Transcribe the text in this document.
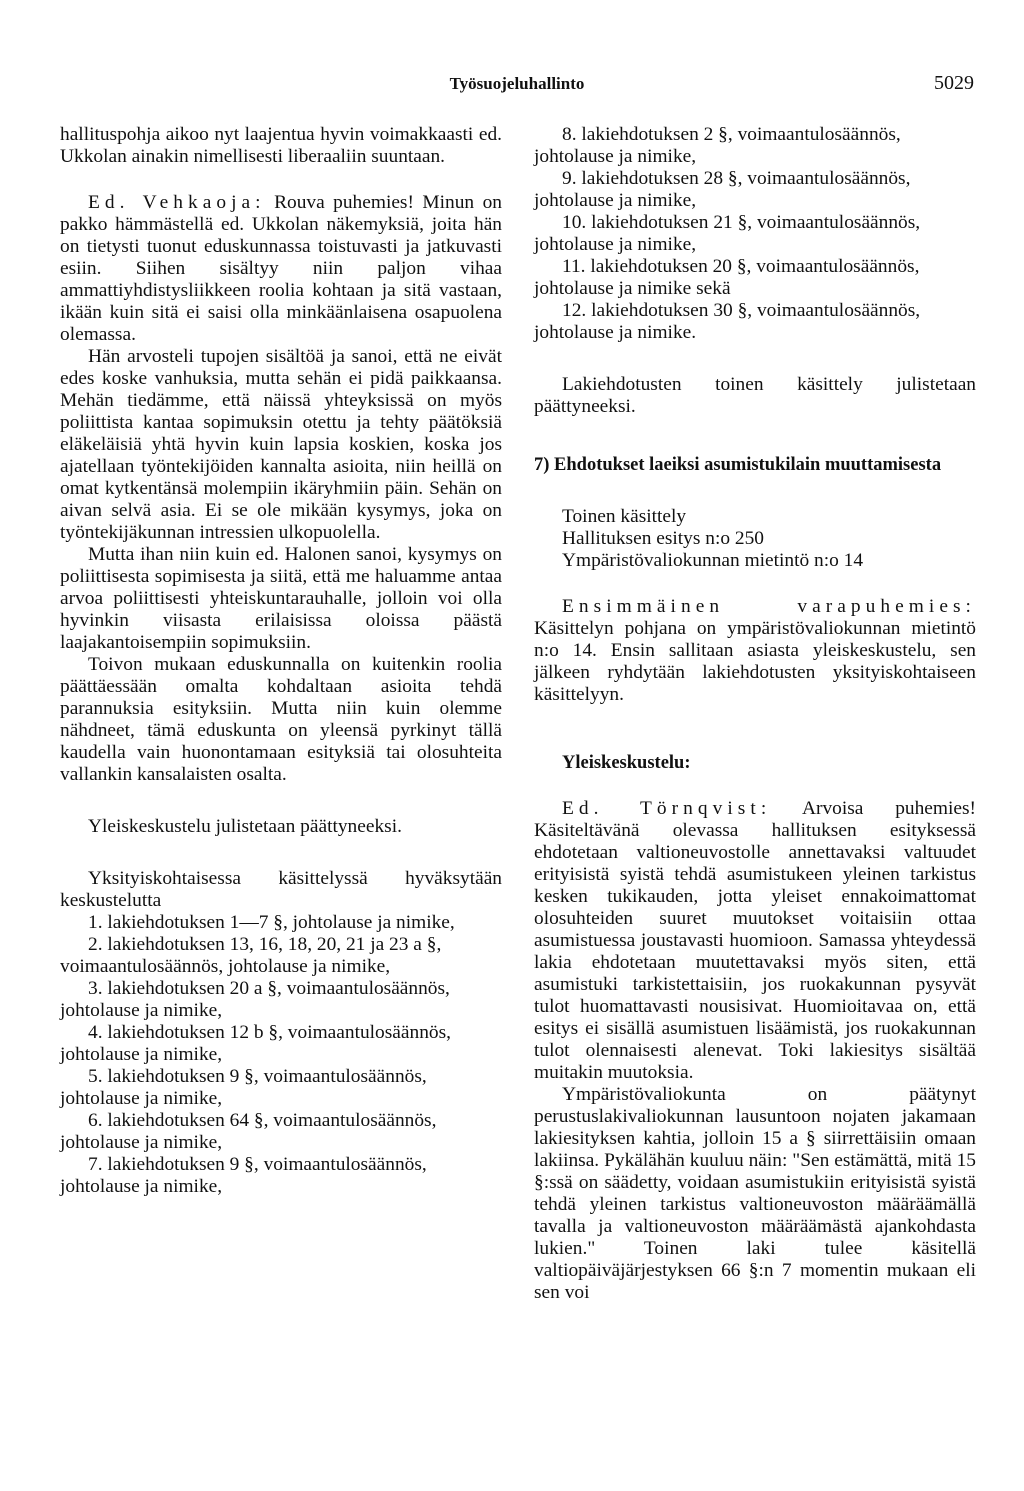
Työsuojeluhallinto	5029

hallituspohja aikoo nyt laajentua hyvin voimakkaasti ed. Ukkolan ainakin nimellisesti liberaaliin suuntaan.

Ed. Vehkaoja: Rouva puhemies! Minun on pakko hämmästellä ed. Ukkolan näkemyksiä, joita hän on tietysti tuonut eduskunnassa toistuvasti ja jatkuvasti esiin. Siihen sisältyy niin paljon vihaa ammattiyhdistysliikkeen roolia kohtaan ja sitä vastaan, ikään kuin sitä ei saisi olla minkäänlaisena osapuolena olemassa.

Hän arvosteli tupojen sisältöä ja sanoi, että ne eivät edes koske vanhuksia, mutta sehän ei pidä paikkaansa. Mehän tiedämme, että näissä yhteyksissä on myös poliittista kantaa sopimuksin otettu ja tehty päätöksiä eläkeläisiä yhtä hyvin kuin lapsia koskien, koska jos ajatellaan työntekijöiden kannalta asioita, niin heillä on omat kytkentänsä molempiin ikäryhmiin päin. Sehän on aivan selvä asia. Ei se ole mikään kysymys, joka on työntekijäkunnan intressien ulkopuolella.

Mutta ihan niin kuin ed. Halonen sanoi, kysymys on poliittisesta sopimisesta ja siitä, että me haluamme antaa arvoa poliittisesti yhteiskuntarauhalle, jolloin voi olla hyvinkin viisasta erilaisissa oloissa päästä laajakantoisempiin sopimuksiin.

Toivon mukaan eduskunnalla on kuitenkin roolia päättäessään omalta kohdaltaan asioita tehdä parannuksia esityksiin. Mutta niin kuin olemme nähdneet, tämä eduskunta on yleensä pyrkinyt tällä kaudella vain huonontamaan esityksiä tai olosuhteita vallankin kansalaisten osalta.

Yleiskeskustelu julistetaan päättyneeksi.

Yksityiskohtaisessa käsittelyssä hyväksytään keskustelutta

1. lakiehdotuksen 1—7 §, johtolause ja nimike,

2. lakiehdotuksen 13, 16, 18, 20, 21 ja 23 a §, voimaantulosäännös, johtolause ja nimike,

3. lakiehdotuksen 20 a §, voimaantulosäännös, johtolause ja nimike,

4. lakiehdotuksen 12 b §, voimaantulosäännös, johtolause ja nimike,

5. lakiehdotuksen 9 §, voimaantulosäännös, johtolause ja nimike,

6. lakiehdotuksen 64 §, voimaantulosäännös, johtolause ja nimike,

7. lakiehdotuksen 9 §, voimaantulosäännös, johtolause ja nimike,

8. lakiehdotuksen 2 §, voimaantulosäännös, johtolause ja nimike,

9. lakiehdotuksen 28 §, voimaantulosäännös, johtolause ja nimike,

10. lakiehdotuksen 21 §, voimaantulosäännös, johtolause ja nimike,

11. lakiehdotuksen 20 §, voimaantulosäännös, johtolause ja nimike sekä

12. lakiehdotuksen 30 §, voimaantulosäännös, johtolause ja nimike.

Lakiehdotusten toinen käsittely julistetaan päättyneeksi.

7) Ehdotukset laeiksi asumistukilain muuttamisesta

Toinen käsittely

Hallituksen esitys n:o 250

Ympäristövaliokunnan mietintö n:o 14

Ensimmäinen varapuhemies: Käsittelyn pohjana on ympäristövaliokunnan mietintö n:o 14. Ensin sallitaan asiasta yleiskeskustelu, sen jälkeen ryhdytään lakiehdotusten yksityiskohtaiseen käsittelyyn.

Yleiskeskustelu:

Ed. Törnqvist: Arvoisa puhemies! Käsiteltävänä olevassa hallituksen esityksessä ehdotetaan valtioneuvostolle annettavaksi valtuudet erityisistä syistä tehdä asumistukeen yleinen tarkistus kesken tukikauden, jotta yleiset ennakoimattomat olosuhteiden suuret muutokset voitaisiin ottaa asumistuessa joustavasti huomioon. Samassa yhteydessä lakia ehdotetaan muutettavaksi myös siten, että asumistuki tarkistettaisiin, jos ruokakunnan pysyvät tulot huomattavasti nousisivat. Huomioitavaa on, että esitys ei sisällä asumistuen lisäämistä, jos ruokakunnan tulot olennaisesti alenevat. Toki lakiesitys sisältää muitakin muutoksia.

Ympäristövaliokunta on päätynyt perustuslakivaliokunnan lausuntoon nojaten jakamaan lakiesityksen kahtia, jolloin 15 a § siirrettäisiin omaan lakiinsa. Pykälähän kuuluu näin: "Sen estämättä, mitä 15 §:ssä on säädetty, voidaan asumistukiin erityisistä syistä tehdä yleinen tarkistus valtioneuvoston määräämällä tavalla ja valtioneuvoston määräämästä ajankohdasta lukien." Toinen laki tulee käsitellä valtiopäiväjärjestyksen 66 §:n 7 momentin mukaan eli sen voi
